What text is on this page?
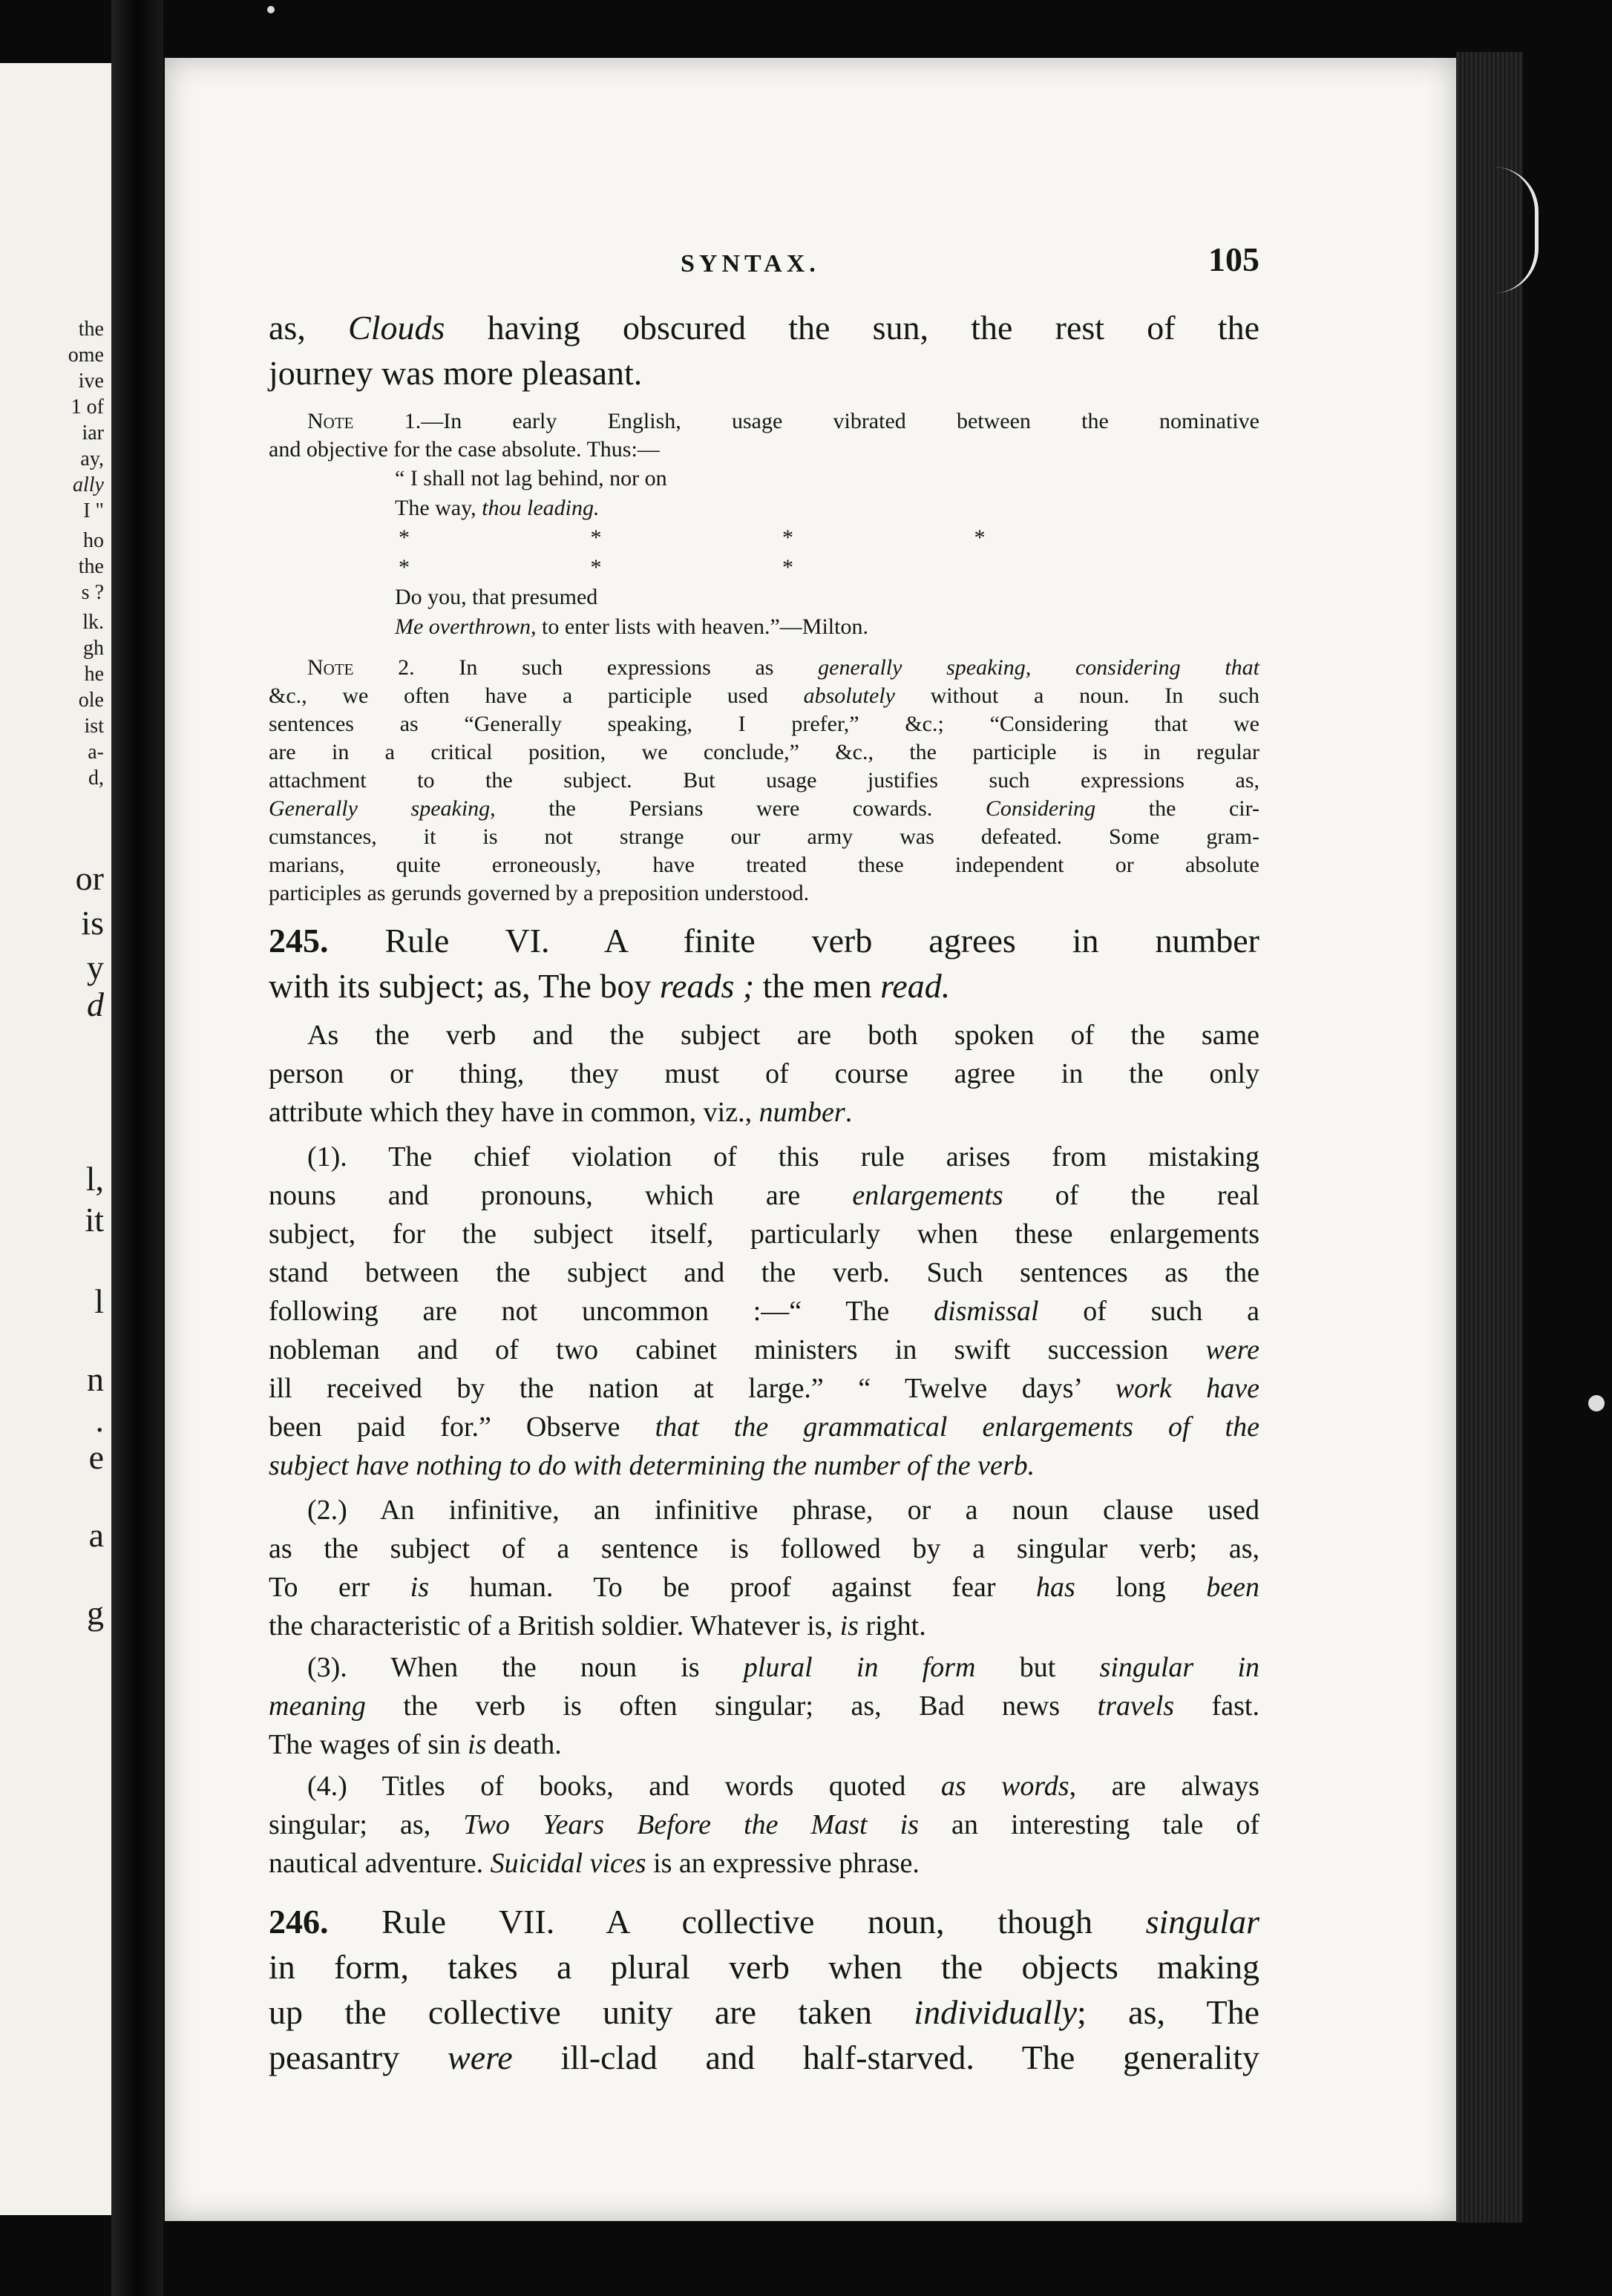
the
ome
ive
1 of
iar
ay,
ally
I "
ho
the
s ?
lk.
gh
he
ole
ist
a-
d,
or
is
y
d
l,
it
l
n
.
e
a
g
SYNTAX.	105

as, Clouds having obscured the sun, the rest of the

journey was more pleasant.

Note 1.—In early English, usage vibrated between the nominative

and objective for the case absolute. Thus:—

“ I shall not lag behind, nor on

The way, thou leading.

* * * * * * *

Do you, that presumed

Me overthrown, to enter lists with heaven.”—Milton.

Note 2. In such expressions as generally speaking, considering that

&c., we often have a participle used absolutely without a noun. In such

sentences as “Generally speaking, I prefer,” &c.; “Considering that we

are in a critical position, we conclude,” &c., the participle is in regular

attachment to the subject. But usage justifies such expressions as,

Generally speaking, the Persians were cowards. Considering the cir-

cumstances, it is not strange our army was defeated. Some gram-

marians, quite erroneously, have treated these independent or absolute

participles as gerunds governed by a preposition understood.

245. Rule VI. A finite verb agrees in number

with its subject; as, The boy reads ; the men read.

As the verb and the subject are both spoken of the same

person or thing, they must of course agree in the only

attribute which they have in common, viz., number.

(1). The chief violation of this rule arises from mistaking

nouns and pronouns, which are enlargements of the real

subject, for the subject itself, particularly when these enlargements

stand between the subject and the verb. Such sentences as the

following are not uncommon :—“ The dismissal of such a

nobleman and of two cabinet ministers in swift succession were

ill received by the nation at large.” “ Twelve days’ work have

been paid for.” Observe that the grammatical enlargements of the

subject have nothing to do with determining the number of the verb.

(2.) An infinitive, an infinitive phrase, or a noun clause used

as the subject of a sentence is followed by a singular verb; as,

To err is human. To be proof against fear has long been

the characteristic of a British soldier. Whatever is, is right.

(3). When the noun is plural in form but singular in

meaning the verb is often singular; as, Bad news travels fast.

The wages of sin is death.

(4.) Titles of books, and words quoted as words, are always

singular; as, Two Years Before the Mast is an interesting tale of

nautical adventure. Suicidal vices is an expressive phrase.

246. Rule VII. A collective noun, though singular

in form, takes a plural verb when the objects making

up the collective unity are taken individually; as, The

peasantry were ill-clad and half-starved. The generality
